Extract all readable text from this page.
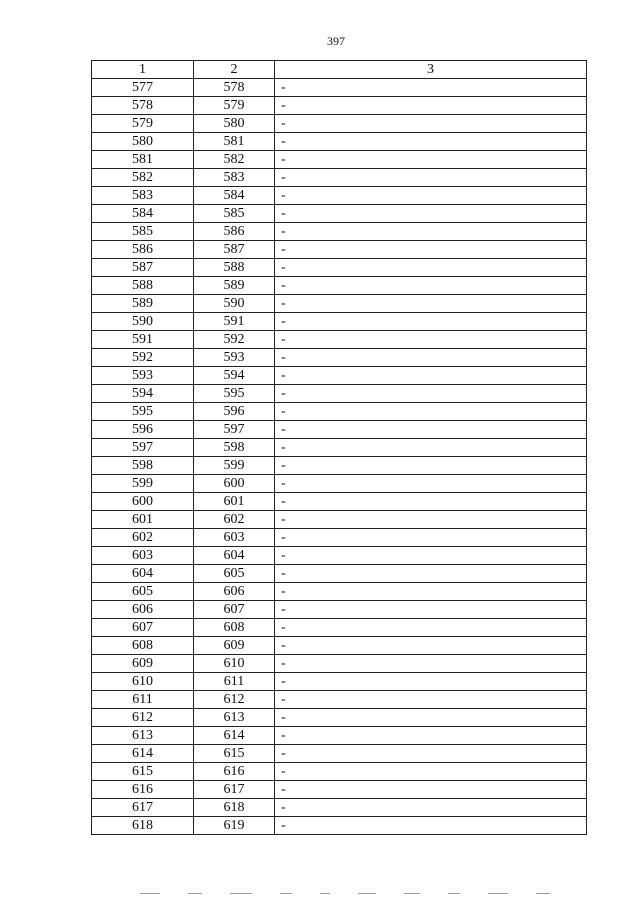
397
1	2	3
577	578	-
578	579	-
579	580	-
580	581	-
581	582	-
582	583	-
583	584	-
584	585	-
585	586	-
586	587	-
587	588	-
588	589	-
589	590	-
590	591	-
591	592	-
592	593	-
593	594	-
594	595	-
595	596	-
596	597	-
597	598	-
598	599	-
599	600	-
600	601	-
601	602	-
602	603	-
603	604	-
604	605	-
605	606	-
606	607	-
607	608	-
608	609	-
609	610	-
610	611	-
611	612	-
612	613	-
613	614	-
614	615	-
615	616	-
616	617	-
617	618	-
618	619	-
